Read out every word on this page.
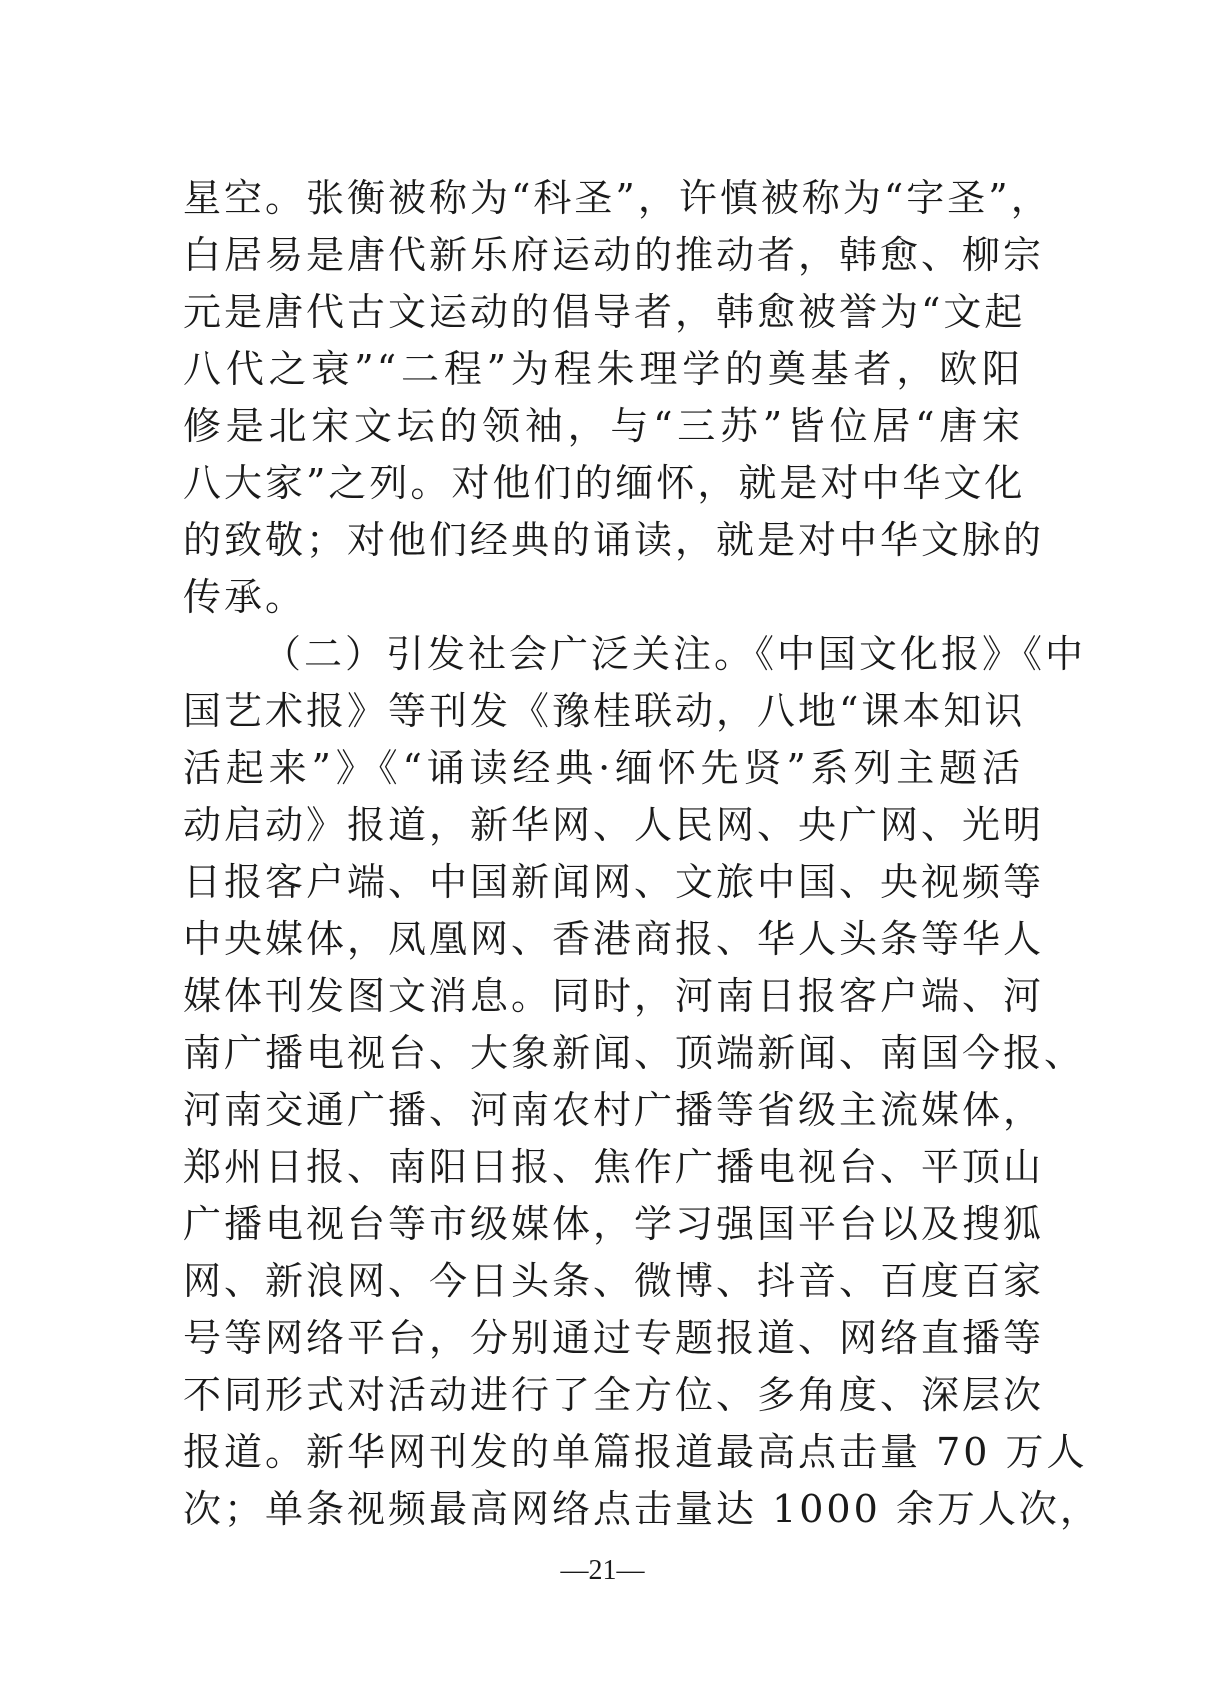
星空。张衡被称为“科圣”，许慎被称为“字圣”，
白居易是唐代新乐府运动的推动者，韩愈、柳宗
元是唐代古文运动的倡导者，韩愈被誉为“文起
八代之衰”“二程”为程朱理学的奠基者，欧阳
修是北宋文坛的领袖，与“三苏”皆位居“唐宋
八大家”之列。对他们的缅怀，就是对中华文化
的致敬；对他们经典的诵读，就是对中华文脉的
传承。
（二）引发社会广泛关注。《中国文化报》《中
国艺术报》等刊发《豫桂联动，八地“课本知识
活起来”》《“诵读经典·缅怀先贤”系列主题活
动启动》报道，新华网、人民网、央广网、光明
日报客户端、中国新闻网、文旅中国、央视频等
中央媒体，凤凰网、香港商报、华人头条等华人
媒体刊发图文消息。同时，河南日报客户端、河
南广播电视台、大象新闻、顶端新闻、南国今报、
河南交通广播、河南农村广播等省级主流媒体，
郑州日报、南阳日报、焦作广播电视台、平顶山
广播电视台等市级媒体，学习强国平台以及搜狐
网、新浪网、今日头条、微博、抖音、百度百家
号等网络平台，分别通过专题报道、网络直播等
不同形式对活动进行了全方位、多角度、深层次
报道。新华网刊发的单篇报道最高点击量 70 万人
次；单条视频最高网络点击量达 1000 余万人次，
—21—
